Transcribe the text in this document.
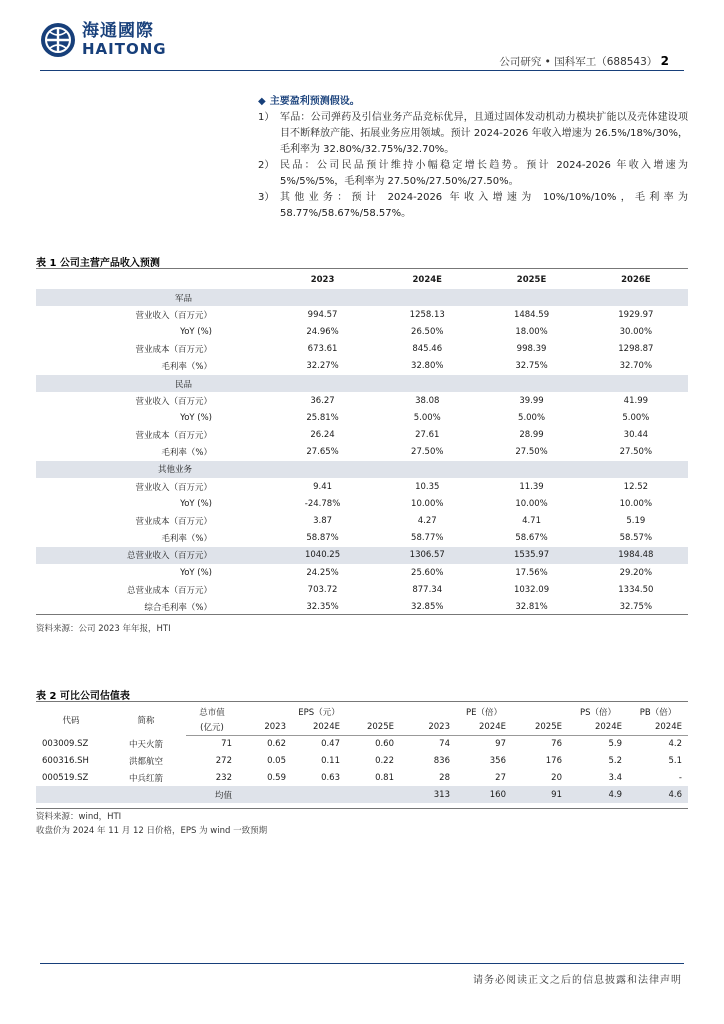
海通國際
HAITONG
公司研究 • 国科军工（688543） 2
◆ 主要盈利预测假设。
1） 军品：公司弹药及引信业务产品竞标优异，且通过固体发动机动力模块扩能以及壳体建设项目不断释放产能、拓展业务应用领域。预计 2024-2026 年收入增速为 26.5%/18%/30%，毛利率为 32.80%/32.75%/32.70%。
2） 民品：公司民品预计维持小幅稳定增长趋势。预计 2024-2026 年收入增速为 5%/5%/5%，毛利率为 27.50%/27.50%/27.50%。
3） 其他业务：预计 2024-2026 年收入增速为 10%/10%/10%，毛利率为 58.77%/58.67%/58.57%。
表 1 公司主营产品收入预测
	2023	2024E	2025E	2026E
军品				
营业收入（百万元）	994.57	1258.13	1484.59	1929.97
YoY (%)	24.96%	26.50%	18.00%	30.00%
营业成本（百万元）	673.61	845.46	998.39	1298.87
毛利率（%）	32.27%	32.80%	32.75%	32.70%
民品				
营业收入（百万元）	36.27	38.08	39.99	41.99
YoY (%)	25.81%	5.00%	5.00%	5.00%
营业成本（百万元）	26.24	27.61	28.99	30.44
毛利率（%）	27.65%	27.50%	27.50%	27.50%
其他业务				
营业收入（百万元）	9.41	10.35	11.39	12.52
YoY (%)	-24.78%	10.00%	10.00%	10.00%
营业成本（百万元）	3.87	4.27	4.71	5.19
毛利率（%）	58.87%	58.77%	58.67%	58.57%
总营业收入（百万元）	1040.25	1306.57	1535.97	1984.48
YoY (%)	24.25%	25.60%	17.56%	29.20%
总营业成本（百万元）	703.72	877.34	1032.09	1334.50
综合毛利率（%）	32.35%	32.85%	32.81%	32.75%
资料来源：公司 2023 年年报，HTI
表 2 可比公司估值表
代码	简称	总市值	EPS（元）			PE（倍）			PS（倍）	PB（倍）
		(亿元)	2023	2024E	2025E	2023	2024E	2025E	2024E	2024E
003009.SZ	中天火箭	71	0.62	0.47	0.60	74	97	76	5.9	4.2
600316.SH	洪都航空	272	0.05	0.11	0.22	836	356	176	5.2	5.1
000519.SZ	中兵红箭	232	0.59	0.63	0.81	28	27	20	3.4	-
		均值				313	160	91	4.9	4.6
资料来源：wind，HTI
收盘价为 2024 年 11 月 12 日价格，EPS 为 wind 一致预期
请务必阅读正文之后的信息披露和法律声明
